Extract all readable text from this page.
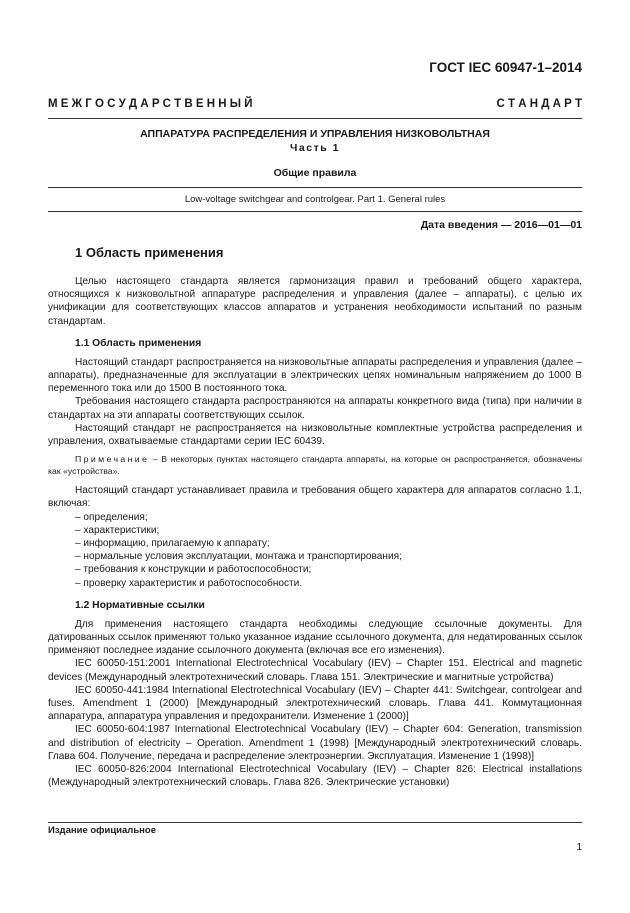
ГОСТ IEC 60947-1–2014
М Е Ж Г О С У Д А Р С Т В Е Н Н Ы Й	С Т А Н Д А Р Т
АППАРАТУРА РАСПРЕДЕЛЕНИЯ И УПРАВЛЕНИЯ НИЗКОВОЛЬТНАЯ
Часть 1
Общие правила
Low-voltage switchgear and controlgear. Part 1. General rules
Дата введения — 2016—01—01
1 Область применения

Целью настоящего стандарта является гармонизация правил и требований общего характера, относящихся к низковольтной аппаратуре распределения и управления (далее – аппараты), с целью их унификации для соответствующих классов аппаратов и устранения необходимости испытаний по разным стандартам.

1.1 Область применения

Настоящий стандарт распространяется на низковольтные аппараты распределения и управления (далее – аппараты), предназначенные для эксплуатации в электрических цепях номинальным напряжением до 1000 В переменного тока или до 1500 В постоянного тока.

Требования настоящего стандарта распространяются на аппараты конкретного вида (типа) при наличии в стандартах на эти аппараты соответствующих ссылок.

Настоящий стандарт не распространяется на низковольтные комплектные устройства распределения и управления, охватываемые стандартами серии IEC 60439.

Примечание – В некоторых пунктах настоящего стандарта аппараты, на которые он распространяется, обозначены как «устройства».

Настоящий стандарт устанавливает правила и требования общего характера для аппаратов согласно 1.1, включая:

– определения;
– характеристики;
– информацию, прилагаемую к аппарату;
– нормальные условия эксплуатации, монтажа и транспортирования;
– требования к конструкции и работоспособности;
– проверку характеристик и работоспособности.
1.2 Нормативные ссылки

Для применения настоящего стандарта необходимы следующие ссылочные документы. Для датированных ссылок применяют только указанное издание ссылочного документа, для недатированных ссылок применяют последнее издание ссылочного документа (включая все его изменения).

IEC 60050-151:2001 International Electrotechnical Vocabulary (IEV) – Chapter 151. Electrical and magnetic devices (Международный электротехнический словарь. Глава 151. Электрические и магнитные устройства)

IEC 60050-441:1984 International Electrotechnical Vocabulary (IEV) – Chapter 441: Switchgear, controlgear and fuses. Amendment 1 (2000) [Международный электротехнический словарь. Глава 441. Коммутационная аппаратура, аппаратура управления и предохранители. Изменение 1 (2000)]

IEC 60050-604:1987 International Electrotechnical Vocabulary (IEV) – Chapter 604: Generation, transmission and distribution of electricity – Operation. Amendment 1 (1998) [Международный электротехнический словарь. Глава 604. Получение, передача и распределение электроэнергии. Эксплуатация. Изменение 1 (1998)]

IEC 60050-826:2004 International Electrotechnical Vocabulary (IEV) – Chapter 826: Electrical installations (Международный электротехнический словарь. Глава 826. Электрические установки)

Издание официальное
1
